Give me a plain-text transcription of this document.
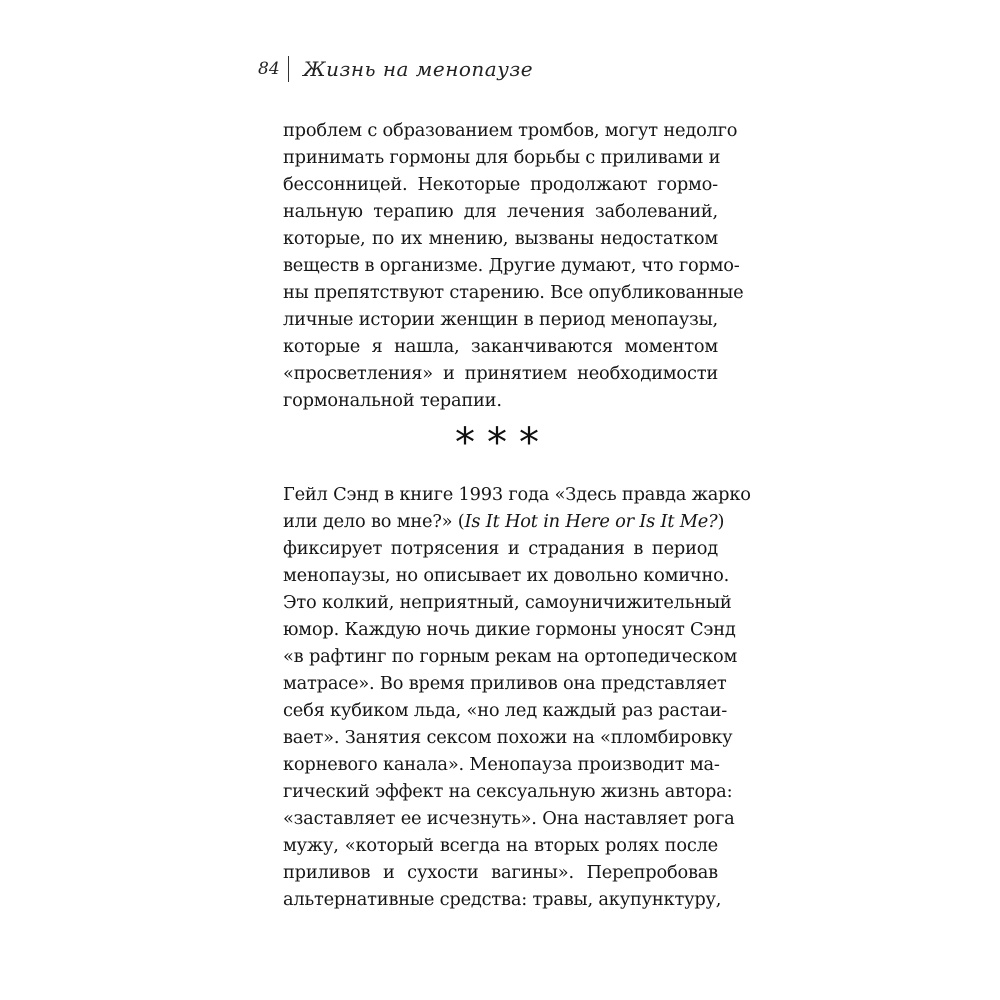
84 Жизнь на менопаузе

проблем с образованием тромбов, могут недолго
принимать гормоны для борьбы с приливами и
бессонницей. Некоторые продолжают гормо-
нальную терапию для лечения заболеваний,
которые, по их мнению, вызваны недостатком
веществ в организме. Другие думают, что гормо-
ны препятствуют старению. Все опубликованные
личные истории женщин в период менопаузы,
которые я нашла, заканчиваются моментом
«просветления» и принятием необходимости
гормональной терапии.

***

Гейл Сэнд в книге 1993 года «Здесь правда жарко
или дело во мне?» (Is It Hot in Here or Is It Me?)
фиксирует потрясения и страдания в период
менопаузы, но описывает их довольно комично.
Это колкий, неприятный, самоуничижительный
юмор. Каждую ночь дикие гормоны уносят Сэнд
«в рафтинг по горным рекам на ортопедическом
матрасе». Во время приливов она представляет
себя кубиком льда, «но лед каждый раз растаи-
вает». Занятия сексом похожи на «пломбировку
корневого канала». Менопауза производит ма-
гический эффект на сексуальную жизнь автора:
«заставляет ее исчезнуть». Она наставляет рога
мужу, «который всегда на вторых ролях после
приливов и сухости вагины». Перепробовав
альтернативные средства: травы, акупунктуру,
